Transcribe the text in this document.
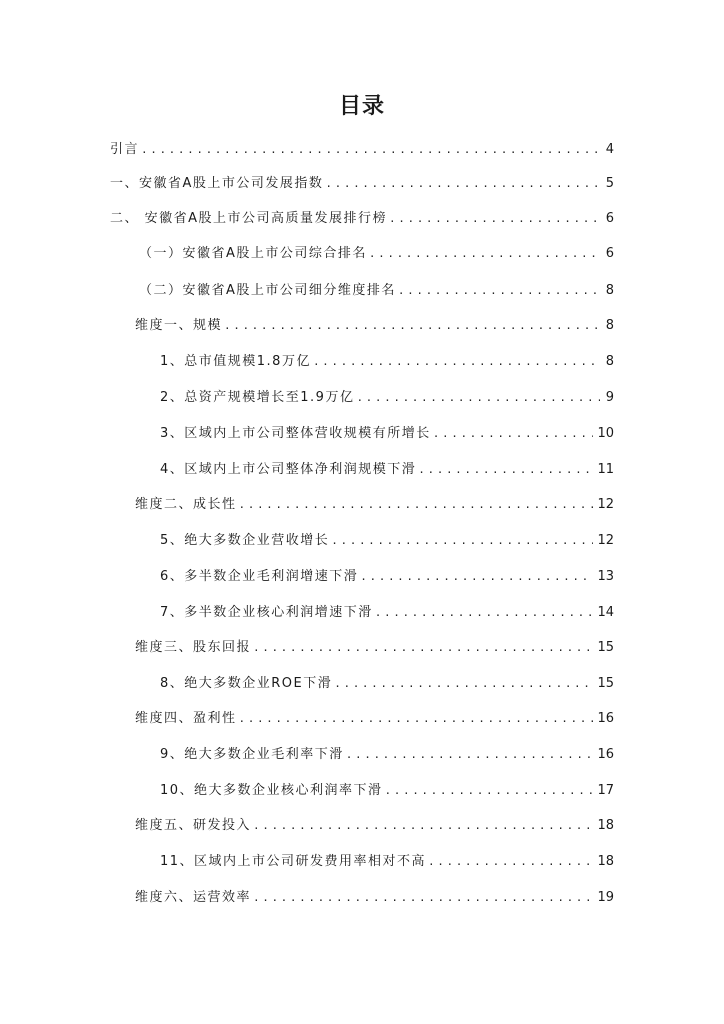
目录
引言 .....	4
一、安徽省A股上市公司发展指数 .....	5
二、 安徽省A股上市公司高质量发展排行榜 .....	6
（一）安徽省A股上市公司综合排名 .....	6
（二）安徽省A股上市公司细分维度排名 .....	8
维度一、规模 .....	8
1、总市值规模1.8万亿 .....	8
2、总资产规模增长至1.9万亿 .....	9
3、区域内上市公司整体营收规模有所增长 .....	10
4、区域内上市公司整体净利润规模下滑 .....	11
维度二、成长性 .....	12
5、绝大多数企业营收增长 .....	12
6、多半数企业毛利润增速下滑 .....	13
7、多半数企业核心利润增速下滑 .....	14
维度三、股东回报 .....	15
8、绝大多数企业ROE下滑 .....	15
维度四、盈利性 .....	16
9、绝大多数企业毛利率下滑 .....	16
10、绝大多数企业核心利润率下滑 .....	17
维度五、研发投入 .....	18
11、区域内上市公司研发费用率相对不高 .....	18
维度六、运营效率 .....	19
